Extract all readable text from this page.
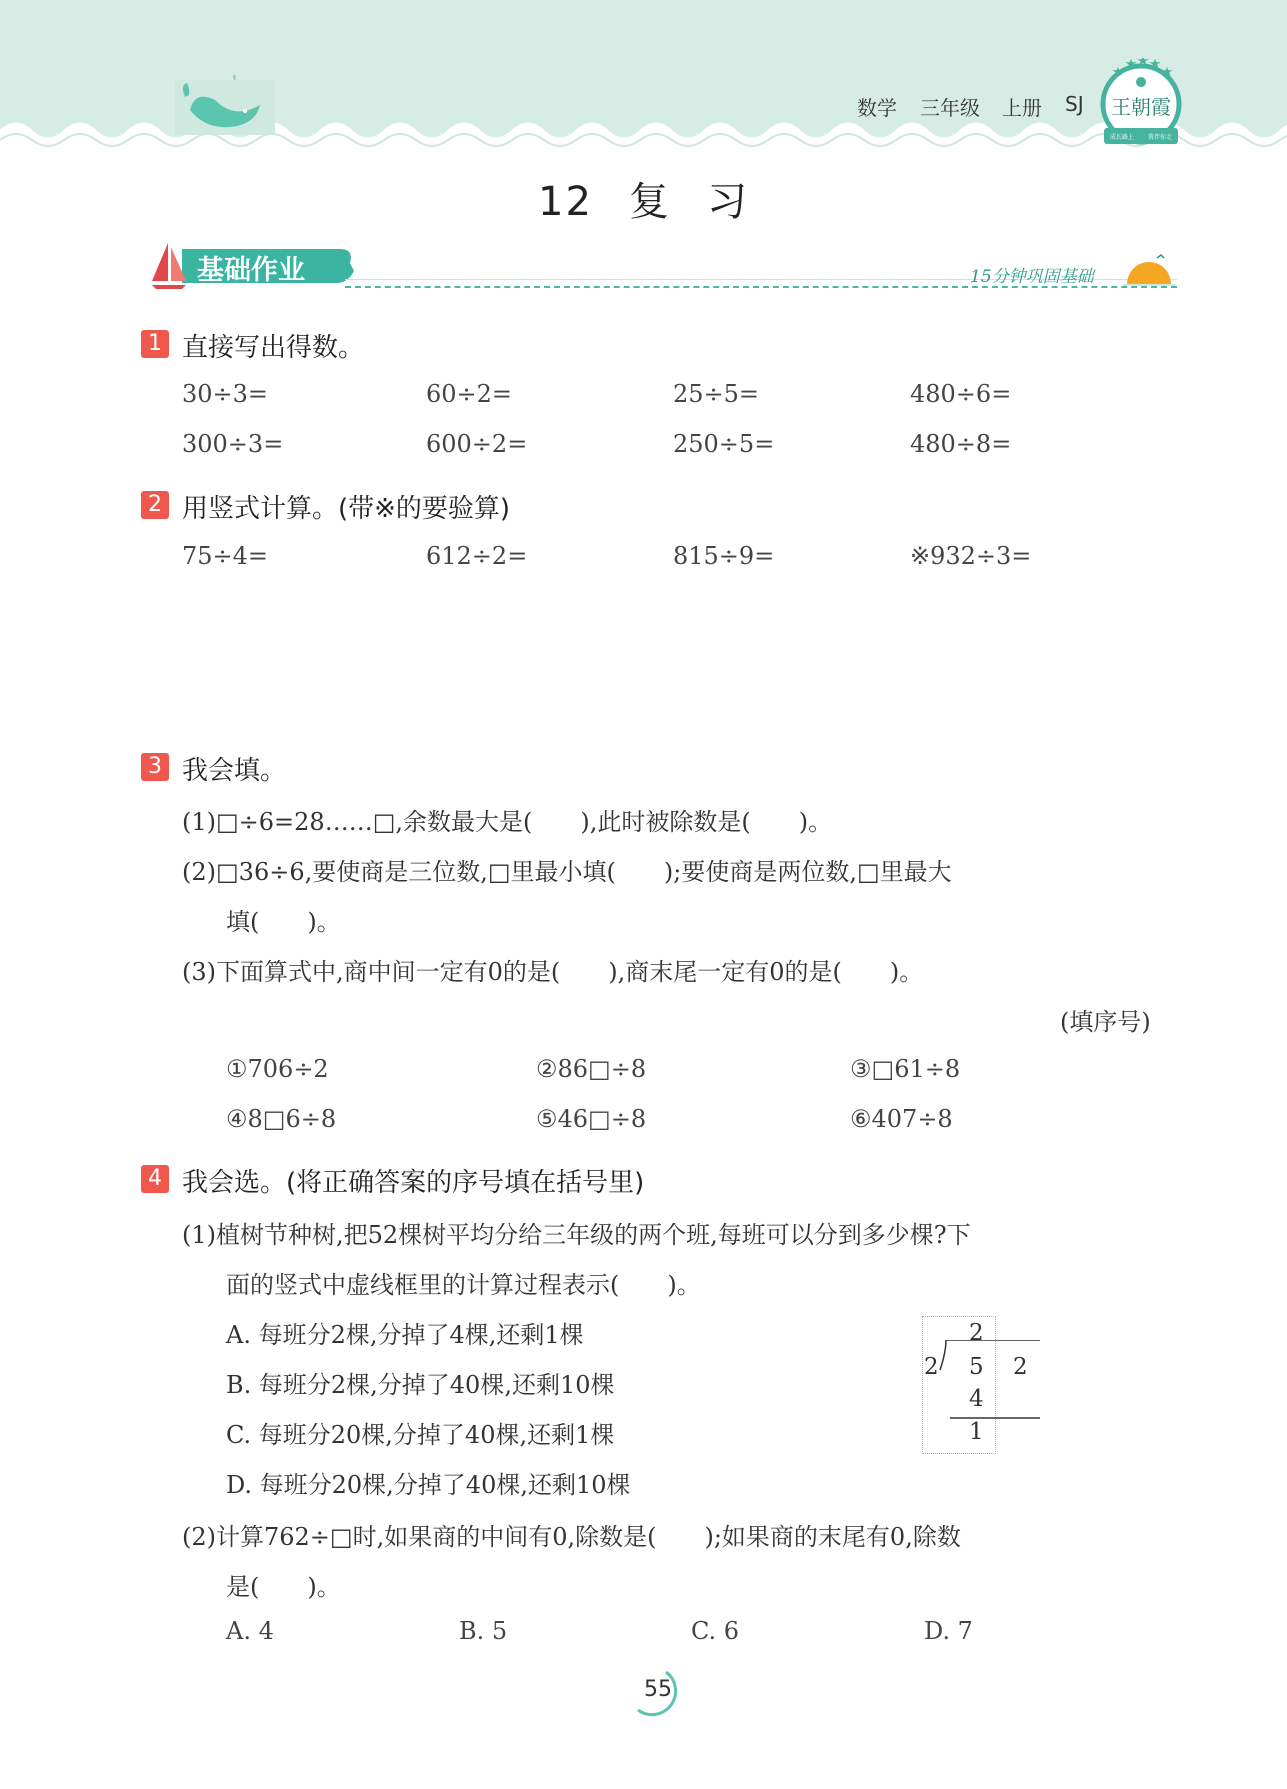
数学 三年级 上册 SJ 王朝霞
成长路上 我伴你走
12 复 习
基础作业	15分钟巩固基础
1 直接写出得数。
30÷3=	60÷2=	25÷5=	480÷6=
300÷3=	600÷2=	250÷5=	480÷8=
2 用竖式计算。(带※的要验算)
75÷4=	612÷2=	815÷9=	※932÷3=
3 我会填。
(1)□÷6=28……□,余数最大是(　　),此时被除数是(　　)。
(2)□36÷6,要使商是三位数,□里最小填(　　);要使商是两位数,□里最大
填(　　)。
(3)下面算式中,商中间一定有0的是(　　),商末尾一定有0的是(　　)。
(填序号)
①706÷2	②86□÷8	③□61÷8
④8□6÷8	⑤46□÷8	⑥407÷8
4 我会选。(将正确答案的序号填在括号里)
(1)植树节种树,把52棵树平均分给三年级的两个班,每班可以分到多少棵?下
面的竖式中虚线框里的计算过程表示(　　)。
A. 每班分2棵,分掉了4棵,还剩1棵
B. 每班分2棵,分掉了40棵,还剩10棵
C. 每班分20棵,分掉了40棵,还剩1棵
D. 每班分20棵,分掉了40棵,还剩10棵
2
2 5 2
4
1
(2)计算762÷□时,如果商的中间有0,除数是(　　);如果商的末尾有0,除数
是(　　)。
A. 4	B. 5	C. 6	D. 7
55
